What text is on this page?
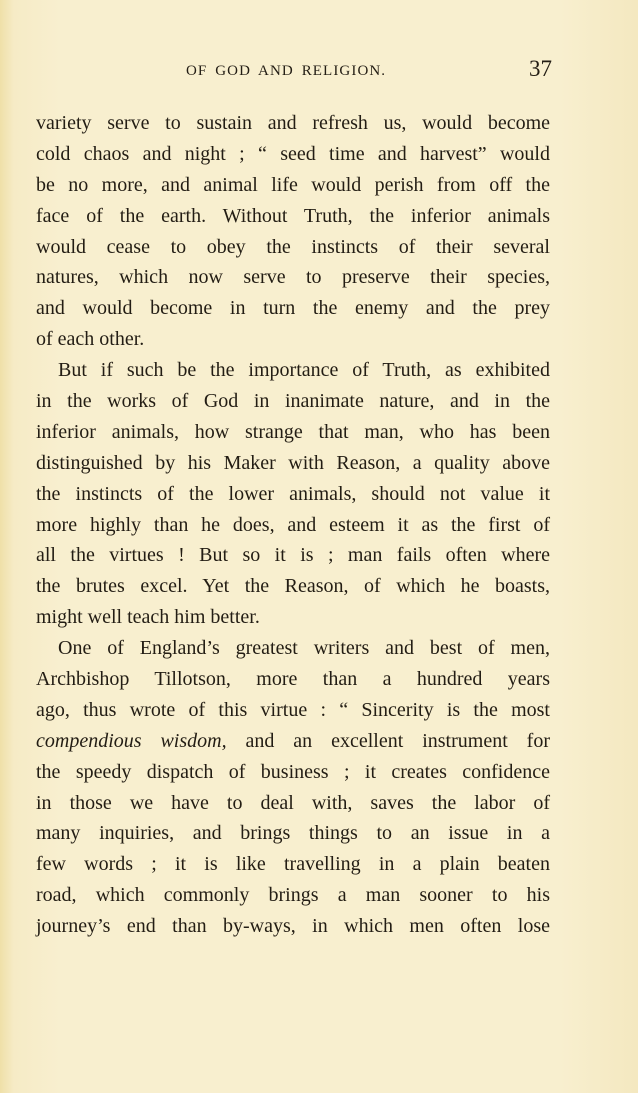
OF GOD AND RELIGION.	37
variety serve to sustain and refresh us, would become
cold chaos and night ; “ seed time and harvest” would
be no more, and animal life would perish from off the
face of the earth. Without Truth, the inferior animals
would cease to obey the instincts of their several
natures, which now serve to preserve their species,
and would become in turn the enemy and the prey
of each other.
But if such be the importance of Truth, as exhibited
in the works of God in inanimate nature, and in the
inferior animals, how strange that man, who has been
distinguished by his Maker with Reason, a quality above
the instincts of the lower animals, should not value it
more highly than he does, and esteem it as the first of
all the virtues ! But so it is ; man fails often where
the brutes excel. Yet the Reason, of which he boasts,
might well teach him better.
One of England’s greatest writers and best of men,
Archbishop Tillotson, more than a hundred years
ago, thus wrote of this virtue : “ Sincerity is the most
compendious wisdom, and an excellent instrument for
the speedy dispatch of business ; it creates confidence
in those we have to deal with, saves the labor of
many inquiries, and brings things to an issue in a
few words ; it is like travelling in a plain beaten
road, which commonly brings a man sooner to his
journey’s end than by-ways, in which men often lose
